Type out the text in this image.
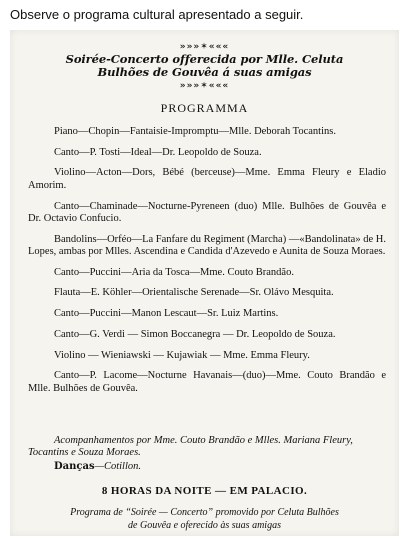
Observe o programa cultural apresentado a seguir.
»»»✶«««
Soirée-Concerto offerecida por Mlle. Celuta
Bulhões de Gouvêa á suas amigas
»»»✶«««
PROGRAMMA
Piano—Chopin—Fantaisie-Impromptu—Mlle. Deborah Tocantins.
Canto—P. Tosti—Ideal—Dr. Leopoldo de Souza.
Violino—Acton—Dors, Bébé (berceuse)—Mme. Emma Fleury e Eladio Amorim.
Canto—Chaminade—Nocturne-Pyreneen (duo) Mlle. Bulhões de Gouvêa e Dr. Octavio Confucio.
Bandolins—Orféo—La Fanfare du Regiment (Marcha) —«Bandolinata» de H. Lopes, ambas por Mlles. Ascendina e Candida d'Azevedo e Aunita de Souza Moraes.
Canto—Puccini—Aria da Tosca—Mme. Couto Brandão.
Flauta—E. Köhler—Orientalische Serenade—Sr. Olávo Mesquita.
Canto—Puccini—Manon Lescaut—Sr. Luiz Martins.
Canto—G. Verdi — Simon Boccanegra — Dr. Leopoldo de Souza.
Violino — Wieniawski — Kujawiak — Mme. Emma Fleury.
Canto—P. Lacome—Nocturne Havanais—(duo)—Mme. Couto Brandão e Mlle. Bulhões de Gouvêa.
Acompanhamentos por Mme. Couto Brandão e Mlles. Mariana Fleury, Tocantins e Souza Moraes.
Danças—Cotillon.
8 HORAS DA NOITE — EM PALACIO.
Programa de “Soirée — Concerto” promovido por Celuta Bulhões
de Gouvêa e oferecido às suas amigas
